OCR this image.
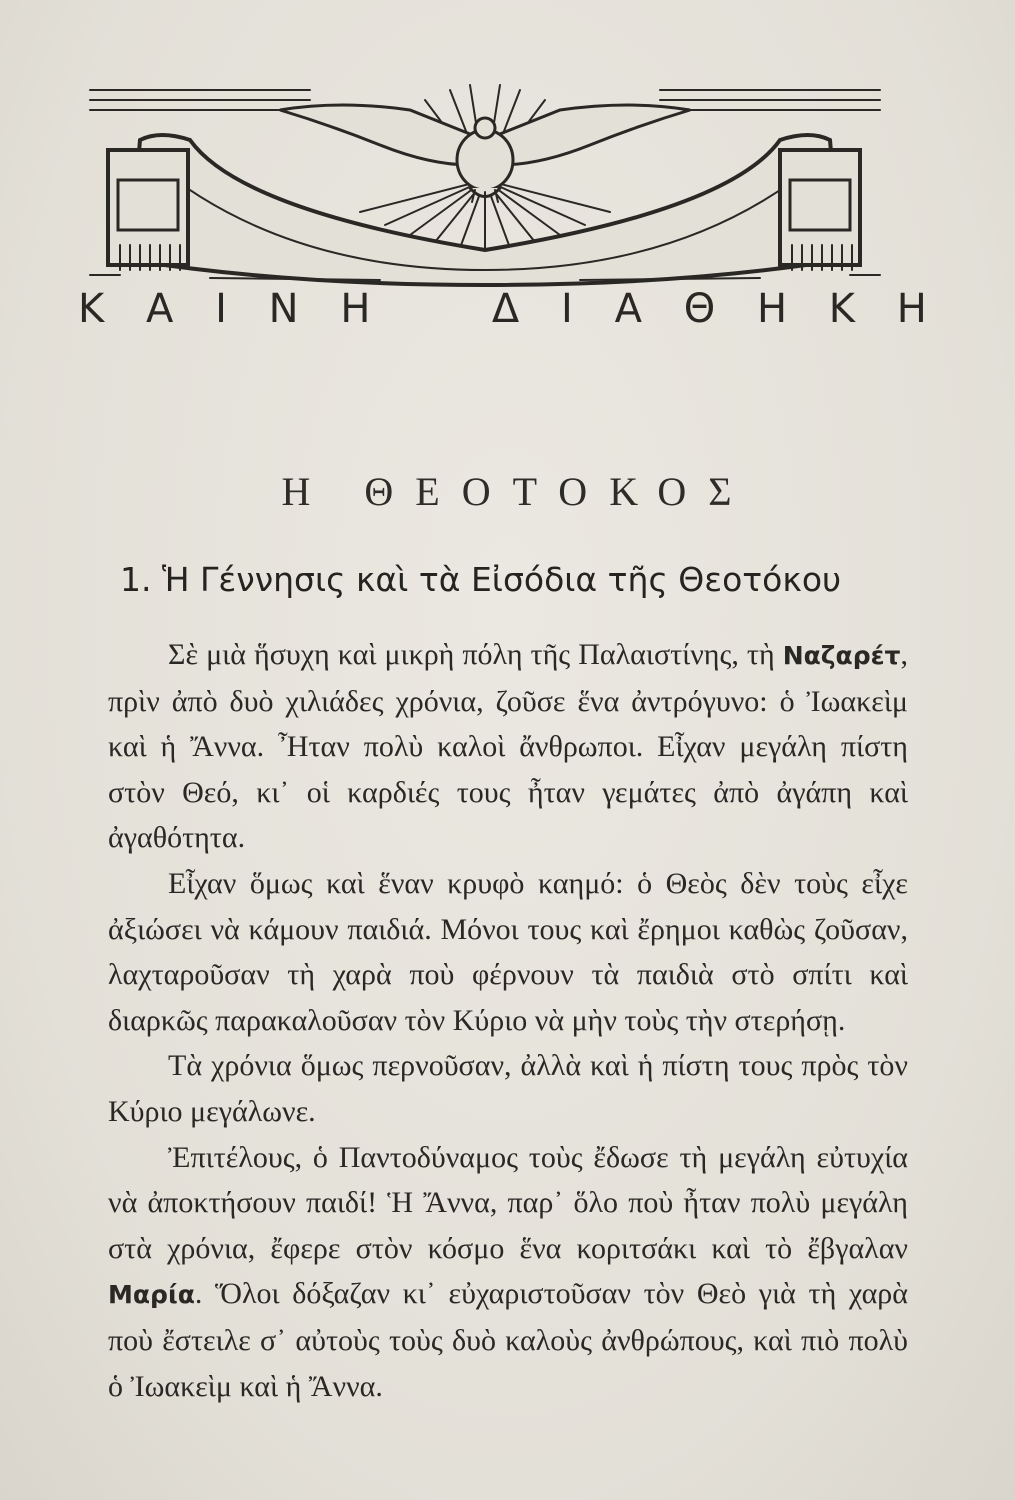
Κ Α Ι Ν Η	Δ Ι Α Θ Η Κ Η
Η ΘΕΟΤΟΚΟΣ
1. Ἡ Γέννησις καὶ τὰ Εἰσόδια τῆς Θεοτόκου

Σὲ μιὰ ἥσυχη καὶ μικρὴ πόλη τῆς Παλαιστίνης, τὴ Ναζαρέτ, πρὶν ἀπὸ δυὸ χιλιάδες χρόνια, ζοῦσε ἕνα ἀντρόγυνο: ὁ Ἰωακεὶμ καὶ ἡ Ἄννα. Ἦταν πολὺ καλοὶ ἄνθρωποι. Εἶχαν μεγάλη πίστη στὸν Θεό, κι᾽ οἱ καρδιές τους ἦταν γεμάτες ἀπὸ ἀγάπη καὶ ἀγαθότητα.

Εἶχαν ὅμως καὶ ἕναν κρυφὸ καημό: ὁ Θεὸς δὲν τοὺς εἶχε ἀξιώσει νὰ κάμουν παιδιά. Μόνοι τους καὶ ἔρημοι καθὼς ζοῦσαν, λαχταροῦσαν τὴ χαρὰ ποὺ φέρνουν τὰ παιδιὰ στὸ σπίτι καὶ διαρκῶς παρακαλοῦσαν τὸν Κύριο νὰ μὴν τοὺς τὴν στερήσῃ.

Τὰ χρόνια ὅμως περνοῦσαν, ἀλλὰ καὶ ἡ πίστη τους πρὸς τὸν Κύριο μεγάλωνε.

Ἐπιτέλους, ὁ Παντοδύναμος τοὺς ἔδωσε τὴ μεγάλη εὐτυχία νὰ ἀποκτήσουν παιδί! Ἡ Ἄννα, παρ᾽ ὅλο ποὺ ἦταν πολὺ μεγάλη στὰ χρόνια, ἔφερε στὸν κόσμο ἕνα κοριτσάκι καὶ τὸ ἔβγαλαν Μαρία. Ὅλοι δόξαζαν κι᾽ εὐχαριστοῦσαν τὸν Θεὸ γιὰ τὴ χαρὰ ποὺ ἔστειλε σ᾽ αὐτοὺς τοὺς δυὸ καλοὺς ἀνθρώπους, καὶ πιὸ πολὺ ὁ Ἰωακεὶμ καὶ ἡ Ἄννα.
